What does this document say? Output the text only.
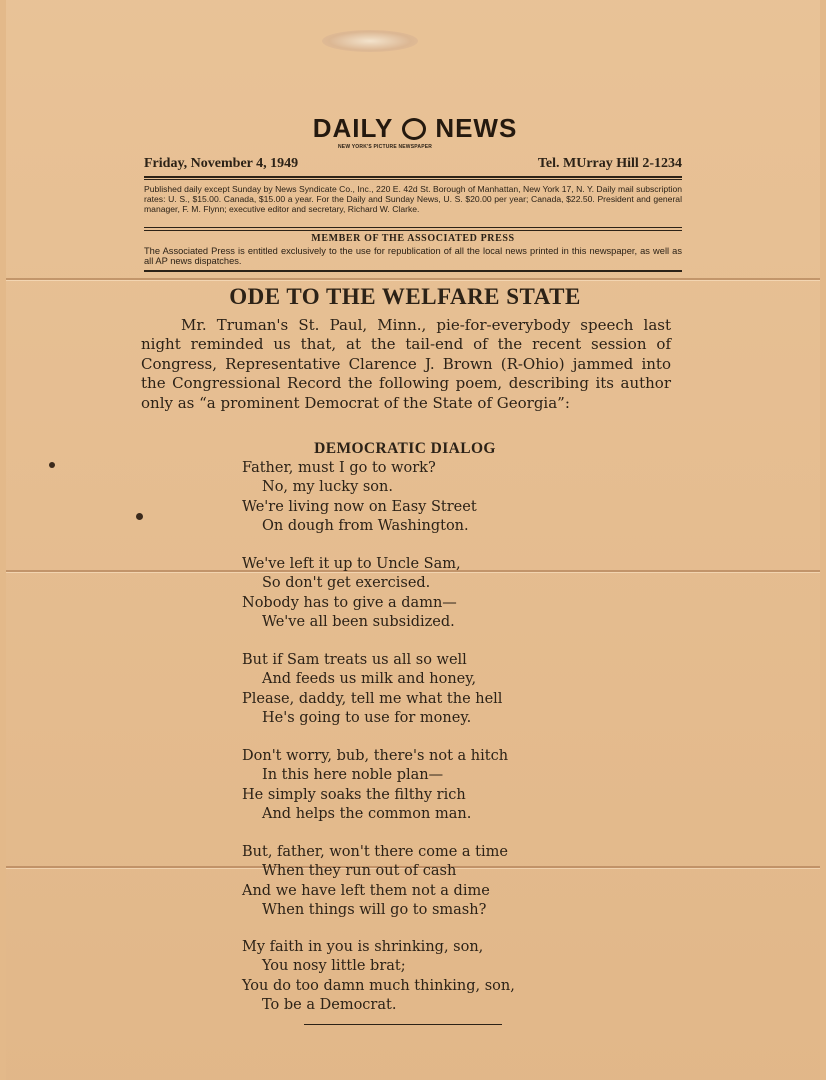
DAILY NEWS
NEW YORK'S PICTURE NEWSPAPER
Friday, November 4, 1949	Tel. MUrray Hill 2-1234
Published daily except Sunday by News Syndicate Co., Inc., 220 E. 42d St. Borough of Manhattan, New York 17, N. Y. Daily mail subscription rates: U. S., $15.00. Canada, $15.00 a year. For the Daily and Sunday News, U. S. $20.00 per year; Canada, $22.50. President and general manager, F. M. Flynn; executive editor and secretary, Richard W. Clarke.
MEMBER OF THE ASSOCIATED PRESS
The Associated Press is entitled exclusively to the use for republication of all the local news printed in this newspaper, as well as all AP news dispatches.
ODE TO THE WELFARE STATE
Mr. Truman's St. Paul, Minn., pie-for-everybody speech last night reminded us that, at the tail-end of the recent session of Congress, Representative Clarence J. Brown (R-Ohio) jammed into the Congressional Record the following poem, describing its author only as “a prominent Democrat of the State of Georgia”:
DEMOCRATIC DIALOG
Father, must I go to work?
No, my lucky son.
We're living now on Easy Street
On dough from Washington.
We've left it up to Uncle Sam,
So don't get exercised.
Nobody has to give a damn—
We've all been subsidized.
But if Sam treats us all so well
And feeds us milk and honey,
Please, daddy, tell me what the hell
He's going to use for money.
Don't worry, bub, there's not a hitch
In this here noble plan—
He simply soaks the filthy rich
And helps the common man.
But, father, won't there come a time
When they run out of cash
And we have left them not a dime
When things will go to smash?
My faith in you is shrinking, son,
You nosy little brat;
You do too damn much thinking, son,
To be a Democrat.
